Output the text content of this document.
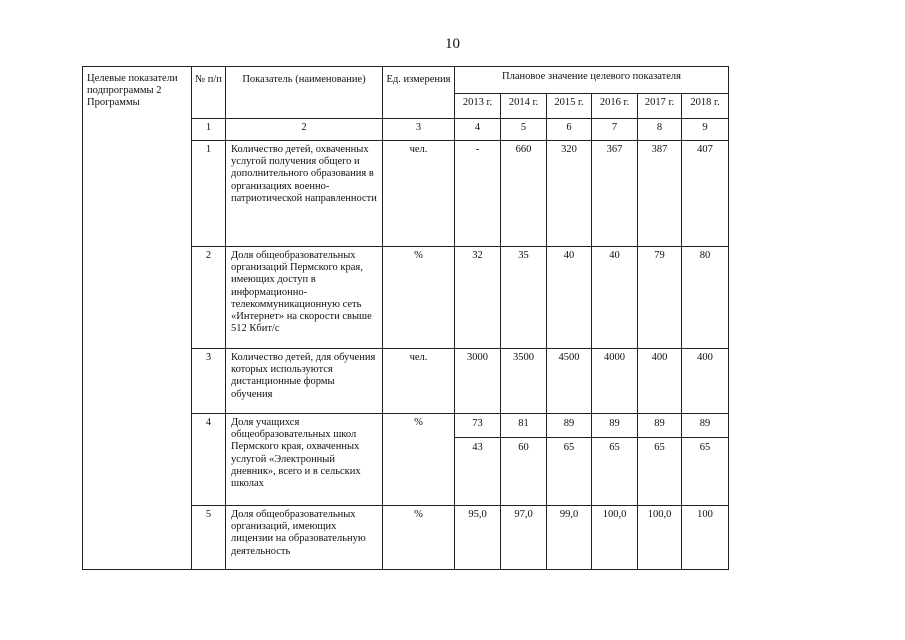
10
Целевые показатели подпрограммы 2 Программы	№ п/п	Показатель (наименование)	Ед. измерения	Плановое значение целевого показателя					
				2013 г.	2014 г.	2015 г.	2016 г.	2017 г.	2018 г.
	1	2	3	4	5	6	7	8	9
	1	Количество детей, охваченных услугой получения общего и дополнительного образования в организациях военно-патриотической направленности	чел.	-	660	320	367	387	407
	2	Доля общеобразовательных организаций Пермского края, имеющих доступ в информационно-телекоммуникационную сеть «Интернет» на скорости свыше 512 Кбит/с	%	32	35	40	40	79	80
	3	Количество детей, для обучения которых используются дистанционные формы обучения	чел.	3000	3500	4500	4000	400	400
	4	Доля учащихся общеобразовательных школ Пермского края, охваченных услугой «Электронный дневник», всего и в сельских школах	%	73	81	89	89	89	89
				43	60	65	65	65	65
	5	Доля общеобразовательных организаций, имеющих лицензии на образовательную деятельность	%	95,0	97,0	99,0	100,0	100,0	100
